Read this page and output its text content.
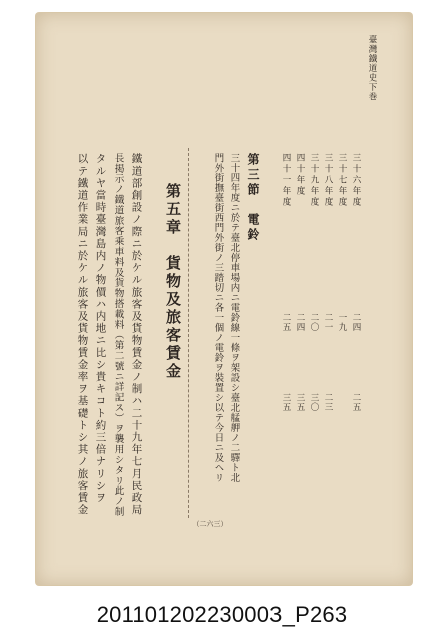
臺灣鐵道史下巻
三十六年度
三十七年度
三十八年度
三十九年度
四十年度
四十一年度
二四
一九
二一
二〇
二四
二五
二五
二三
三〇
三五
三五
第三節　電鈴
三十四年度ニ於テ臺北停車場内ニ電鈴線一條ヲ架設シ臺北艋舺ノ二驛ト北
門外街撫臺街西門外街ノ三踏切ニ各一個ノ電鈴ヲ裝置シ以テ今日ニ及ヘリ
第五章　貨物及旅客賃金
鐵道部創設ノ際ニ於ケル旅客及貨物賃金ノ制ハ二十九年七月民政局
長掲示ノ鐵道旅客乘車料及貨物搭載料（第二號ニ詳記ス）ヲ襲用シタリ此ノ制
タルヤ當時臺灣島内ノ物價ハ内地ニ比シ貴キコト約三倍ナリシヲ
以テ鐵道作業局ニ於ケル旅客及貨物賃金率ヲ基礎トシ其ノ旅客賃金
（二六三）
20110120223000З_P263
